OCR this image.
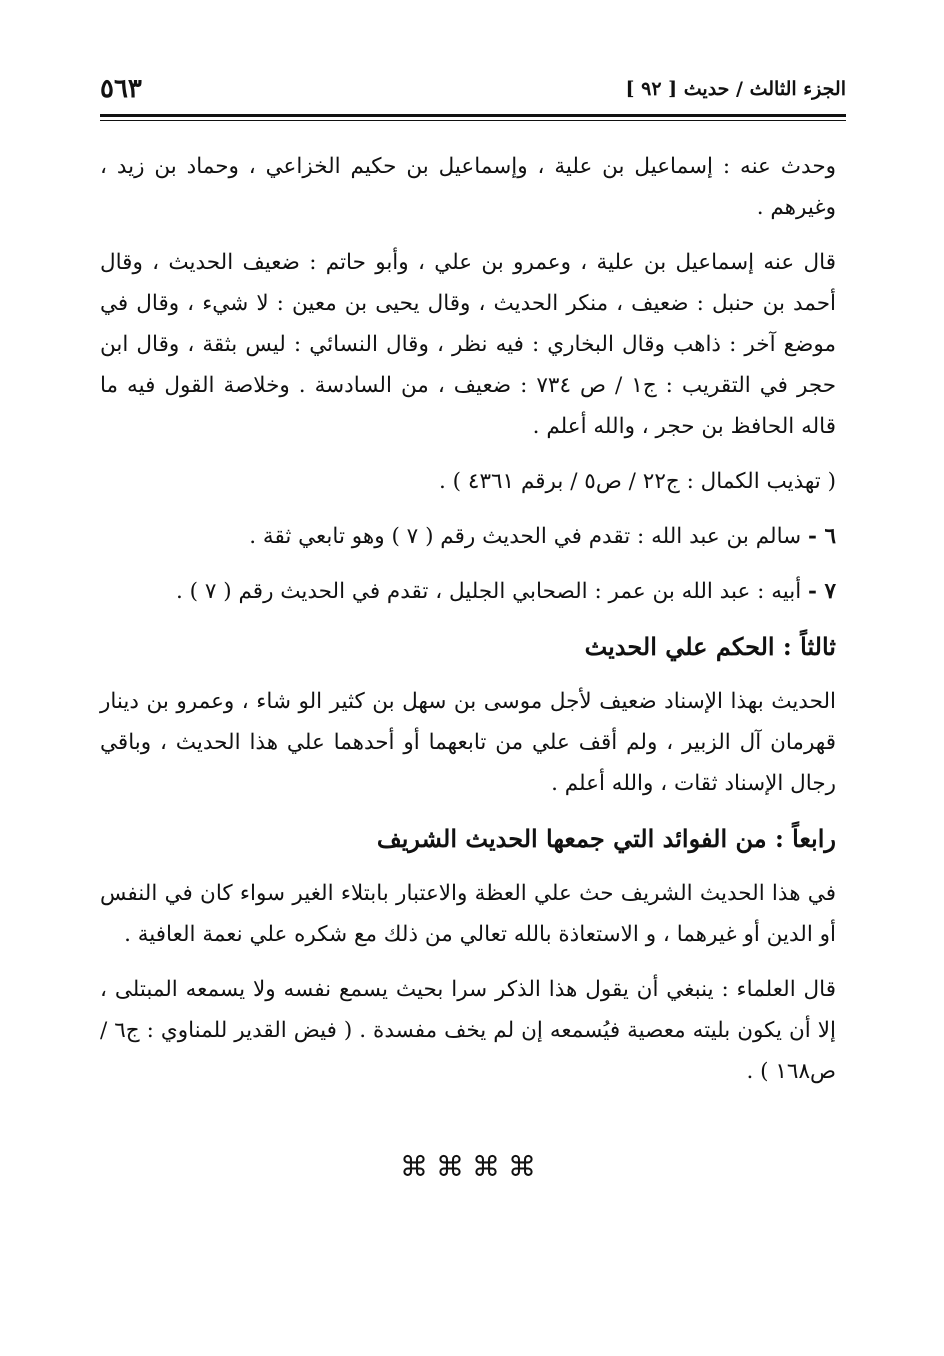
٥٦٣	الجزء الثالث / حديث [ ٩٢ ]

وحدث عنه : إسماعيل بن علية ، وإسماعيل بن حكيم الخزاعي ، وحماد بن زيد ، وغيرهم .

قال عنه إسماعيل بن علية ، وعمرو بن علي ، وأبو حاتم : ضعيف الحديث ، وقال أحمد بن حنبل : ضعيف ، منكر الحديث ، وقال يحيى بن معين : لا شيء ، وقال في موضع آخر : ذاهب وقال البخاري : فيه نظر ، وقال النسائي : ليس بثقة ، وقال ابن حجر في التقريب : ج١ / ص ٧٣٤ : ضعيف ، من السادسة . وخلاصة القول فيه ما قاله الحافظ بن حجر ، والله أعلم .

( تهذيب الكمال : ج٢٢ / ص٥ / برقم ٤٣٦١ ) .

٦ - سالم بن عبد الله : تقدم في الحديث رقم ( ٧ ) وهو تابعي ثقة .

٧ - أبيه : عبد الله بن عمر : الصحابي الجليل ، تقدم في الحديث رقم ( ٧ ) .

ثالثاً : الحكم علي الحديث

الحديث بهذا الإسناد ضعيف لأجل موسى بن سهل بن كثير الو شاء ، وعمرو بن دينار قهرمان آل الزبير ، ولم أقف علي من تابعهما أو أحدهما علي هذا الحديث ، وباقي رجال الإسناد ثقات ، والله أعلم .

رابعاً : من الفوائد التي جمعها الحديث الشريف

في هذا الحديث الشريف حث علي العظة والاعتبار بابتلاء الغير سواء كان في النفس أو الدين أو غيرهما ، و الاستعاذة بالله تعالي من ذلك مع شكره علي نعمة العافية .

قال العلماء : ينبغي أن يقول هذا الذكر سرا بحيث يسمع نفسه ولا يسمعه المبتلى ، إلا أن يكون بليته معصية فيُسمعه إن لم يخف مفسدة . ( فيض القدير للمناوي : ج٦ / ص١٦٨ ) .

⌘⌘⌘⌘
